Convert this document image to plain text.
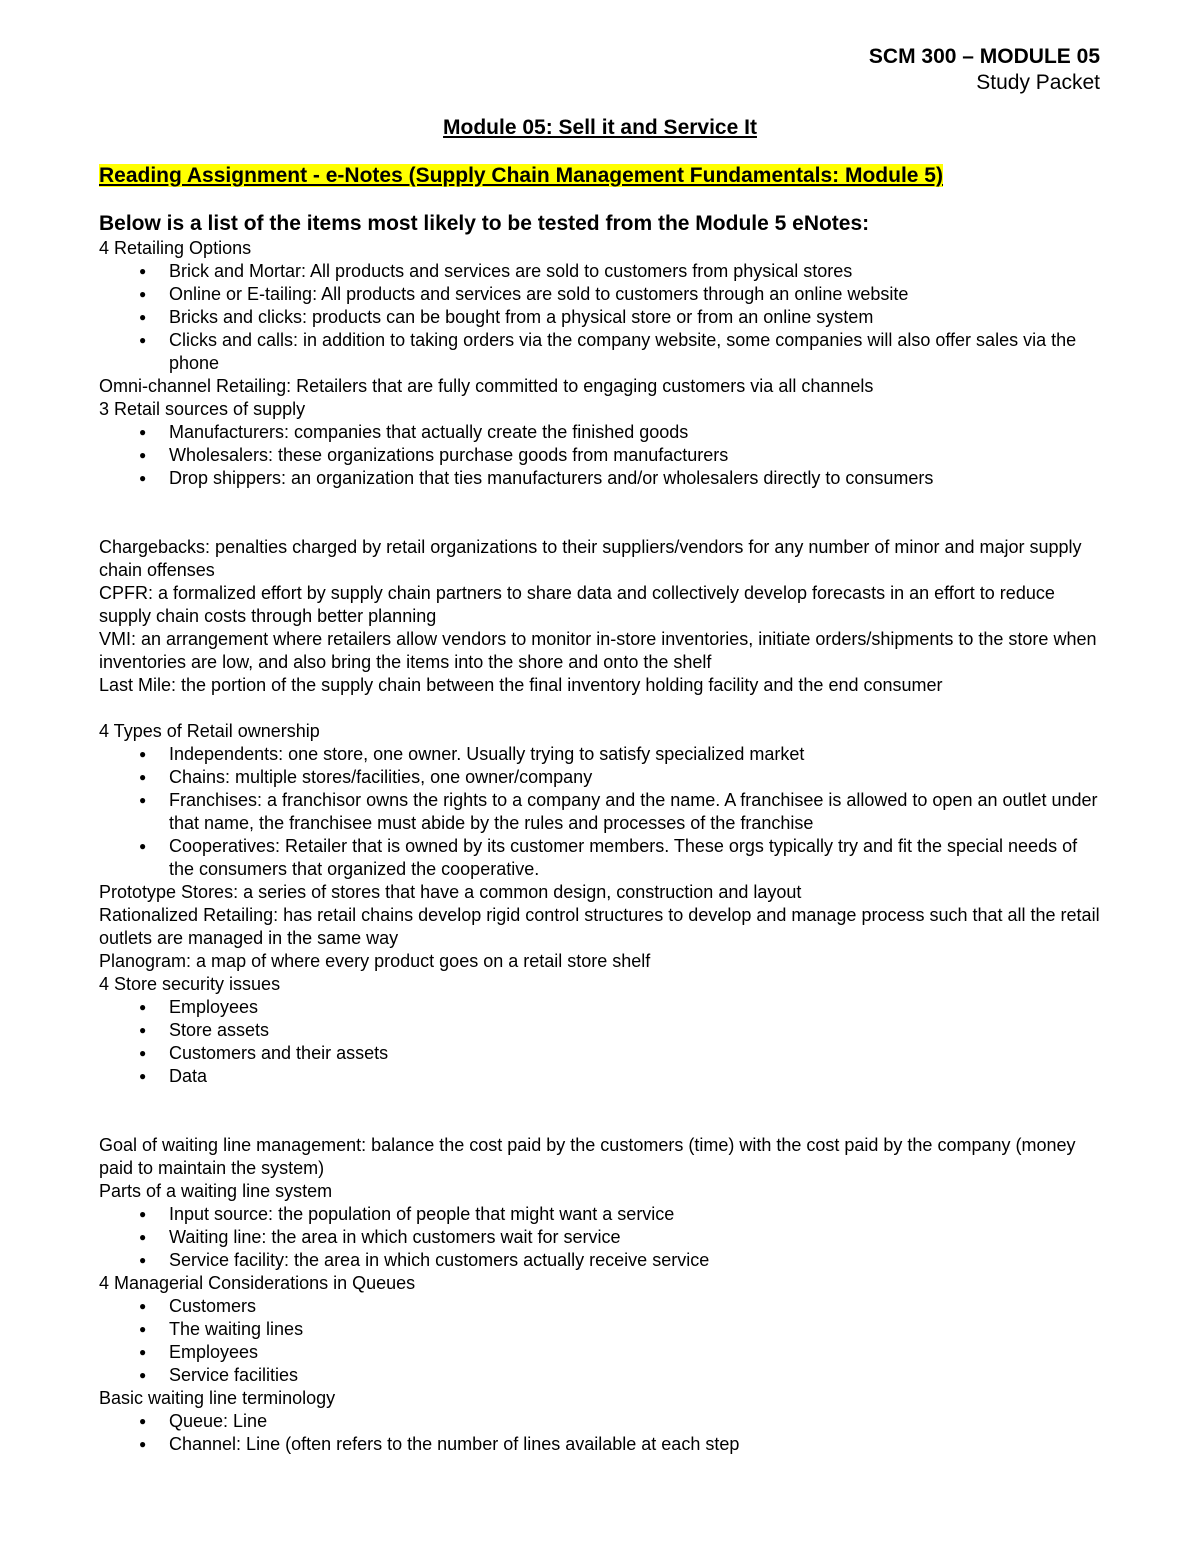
SCM 300 – MODULE 05
Study Packet
Module 05: Sell it and Service It
Reading Assignment - e-Notes (Supply Chain Management Fundamentals: Module 5)
Below is a list of the items most likely to be tested from the Module 5 eNotes:

4 Retailing Options

● Brick and Mortar: All products and services are sold to customers from physical stores
● Online or E-tailing: All products and services are sold to customers through an online website
● Bricks and clicks: products can be bought from a physical store or from an online system
● Clicks and calls: in addition to taking orders via the company website, some companies will also offer sales via the phone

Omni-channel Retailing: Retailers that are fully committed to engaging customers via all channels

3 Retail sources of supply

● Manufacturers: companies that actually create the finished goods
● Wholesalers: these organizations purchase goods from manufacturers
● Drop shippers: an organization that ties manufacturers and/or wholesalers directly to consumers

Chargebacks: penalties charged by retail organizations to their suppliers/vendors for any number of minor and major supply chain offenses

CPFR: a formalized effort by supply chain partners to share data and collectively develop forecasts in an effort to reduce supply chain costs through better planning

VMI: an arrangement where retailers allow vendors to monitor in-store inventories, initiate orders/shipments to the store when inventories are low, and also bring the items into the shore and onto the shelf

Last Mile: the portion of the supply chain between the final inventory holding facility and the end consumer

4 Types of Retail ownership

● Independents: one store, one owner. Usually trying to satisfy specialized market
● Chains: multiple stores/facilities, one owner/company
● Franchises: a franchisor owns the rights to a company and the name. A franchisee is allowed to open an outlet under that name, the franchisee must abide by the rules and processes of the franchise
● Cooperatives: Retailer that is owned by its customer members. These orgs typically try and fit the special needs of the consumers that organized the cooperative.

Prototype Stores: a series of stores that have a common design, construction and layout

Rationalized Retailing: has retail chains develop rigid control structures to develop and manage process such that all the retail outlets are managed in the same way

Planogram: a map of where every product goes on a retail store shelf

4 Store security issues

● Employees
● Store assets
● Customers and their assets
● Data

Goal of waiting line management: balance the cost paid by the customers (time) with the cost paid by the company (money paid to maintain the system)

Parts of a waiting line system

● Input source: the population of people that might want a service
● Waiting line: the area in which customers wait for service
● Service facility: the area in which customers actually receive service

4 Managerial Considerations in Queues

● Customers
● The waiting lines
● Employees
● Service facilities

Basic waiting line terminology

● Queue: Line
● Channel: Line (often refers to the number of lines available at each step
